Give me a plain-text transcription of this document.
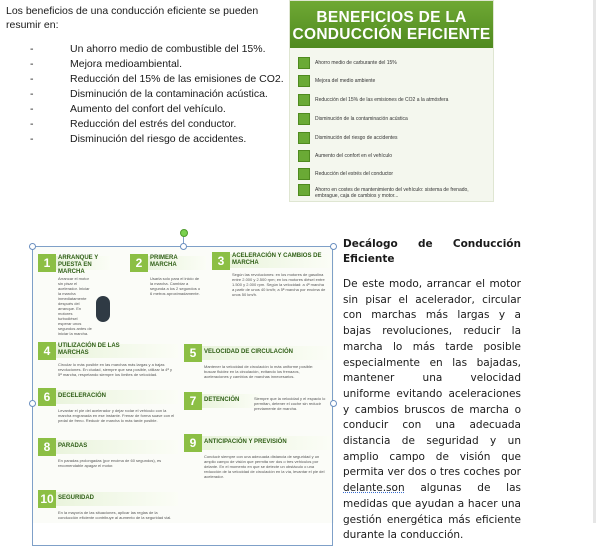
Los beneficios de una conducción eficiente se pueden resumir en:
- Un ahorro medio de combustible del 15%.
- Mejora medioambiental.
- Reducción del 15% de las emisiones de CO2.
- Disminución de la contaminación acústica.
- Aumento del confort del vehículo.
- Reducción del estrés del conductor.
- Disminución del riesgo de accidentes.
BENEFICIOS DE LA
CONDUCCIÓN EFICIENTE
Ahorro medio de carburante del 15%
Mejora del medio ambiente
Reducción del 15% de las emisiones de CO2 a la atmósfera
Disminución de la contaminación acústica
Disminución del riesgo de accidentes
Aumento del confort en el vehículo
Reducción del estrés del conductor
Ahorro en costes de mantenimiento del vehículo: sistema de frenado, embrague, caja de cambios y motor...
1	ARRANQUE Y PUESTA EN MARCHA
Arrancar el motor sin pisar el acelerador. Iniciar la marcha inmediatamente después del arranque. En motores turbodiésel esperar unos segundos antes de iniciar la marcha.
2	PRIMERA MARCHA
Usarla solo para el inicio de la marcha. Cambiar a segunda a los 2 segundos o 6 metros aproximadamente.
3	ACELERACIÓN Y CAMBIOS DE MARCHA
Según las revoluciones: en los motores de gasolina entre 2.000 y 2.500 rpm; en los motores diésel entre 1.500 y 2.000 rpm. Según la velocidad: a 4ª marcha a partir de unos 40 km/h; a 5ª marcha por encima de unos 50 km/h.
4	UTILIZACIÓN DE LAS MARCHAS
Circular lo más posible en las marchas más largas y a bajas revoluciones. En ciudad, siempre que sea posible, utilizar la 4ª y 5ª marcha, respetando siempre los límites de velocidad.
5	VELOCIDAD DE CIRCULACIÓN
Mantener la velocidad de circulación lo más uniforme posible: buscar fluidez en la circulación, evitando los frenazos, aceleraciones y cambios de marchas innecesarios.
6	DECELERACIÓN
Levantar el pie del acelerador y dejar rodar el vehículo con la marcha engranada en ese instante. Frenar de forma suave con el pedal de freno. Reducir de marcha lo más tarde posible.
7	DETENCIÓN	Siempre que la velocidad y el espacio lo permitan, detener el coche sin reducir previamente de marcha.
8	PARADAS
En paradas prolongadas (por encima de 60 segundos), es recomendable apagar el motor.
9	ANTICIPACIÓN Y PREVISIÓN
Conducir siempre con una adecuada distancia de seguridad y un amplio campo de visión que permita ver dos o tres vehículos por delante. En el momento en que se detecte un obstáculo o una reducción de la velocidad de circulación en la vía, levantar el pie del acelerador.
10 SEGURIDAD
En la mayoría de las situaciones, aplicar las reglas de la conducción eficiente contribuye al aumento de la seguridad vial.
Decálogo de Conducción
Eficiente
De este modo, arrancar el motor sin pisar el acelerador, circular con marchas más largas y a bajas revoluciones, reducir la marcha lo más tarde posible especialmente en las bajadas, mantener una velocidad uniforme evitando aceleraciones y cambios bruscos de marcha o conducir con una adecuada distancia de seguridad y un amplio campo de visión que permita ver dos o tres coches por delante.son algunas de las medidas que ayudan a hacer una gestión energética más eficiente durante la conducción.
